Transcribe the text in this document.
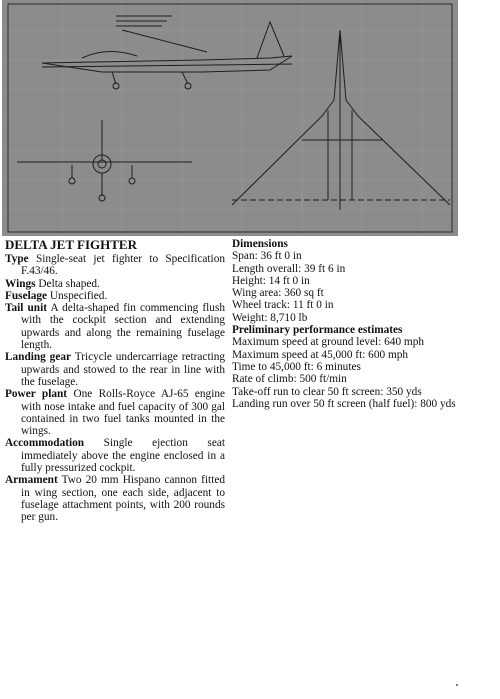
DELTA JET FIGHTER
Type Single-seat jet fighter to Specification F.43/46.
Wings Delta shaped.
Fuselage Unspecified.
Tail unit A delta-shaped fin commencing flush with the cockpit section and extending upwards and along the remaining fuselage length.
Landing gear Tricycle undercarriage retracting upwards and stowed to the rear in line with the fuselage.
Power plant One Rolls-Royce AJ-65 engine with nose intake and fuel capacity of 300 gal contained in two fuel tanks mounted in the wings.
Accommodation Single ejection seat immediately above the engine enclosed in a fully pressurized cockpit.
Armament Two 20 mm Hispano cannon fitted in wing section, one each side, adjacent to fuselage attachment points, with 200 rounds per gun.
Dimensions
Span: 36 ft 0 in
Length overall: 39 ft 6 in
Height: 14 ft 0 in
Wing area: 360 sq ft
Wheel track: 11 ft 0 in
Weight: 8,710 lb
Preliminary performance estimates
Maximum speed at ground level: 640 mph
Maximum speed at 45,000 ft: 600 mph
Time to 45,000 ft: 6 minutes
Rate of climb: 500 ft/min
Take-off run to clear 50 ft screen: 350 yds
Landing run over 50 ft screen (half fuel): 800 yds
